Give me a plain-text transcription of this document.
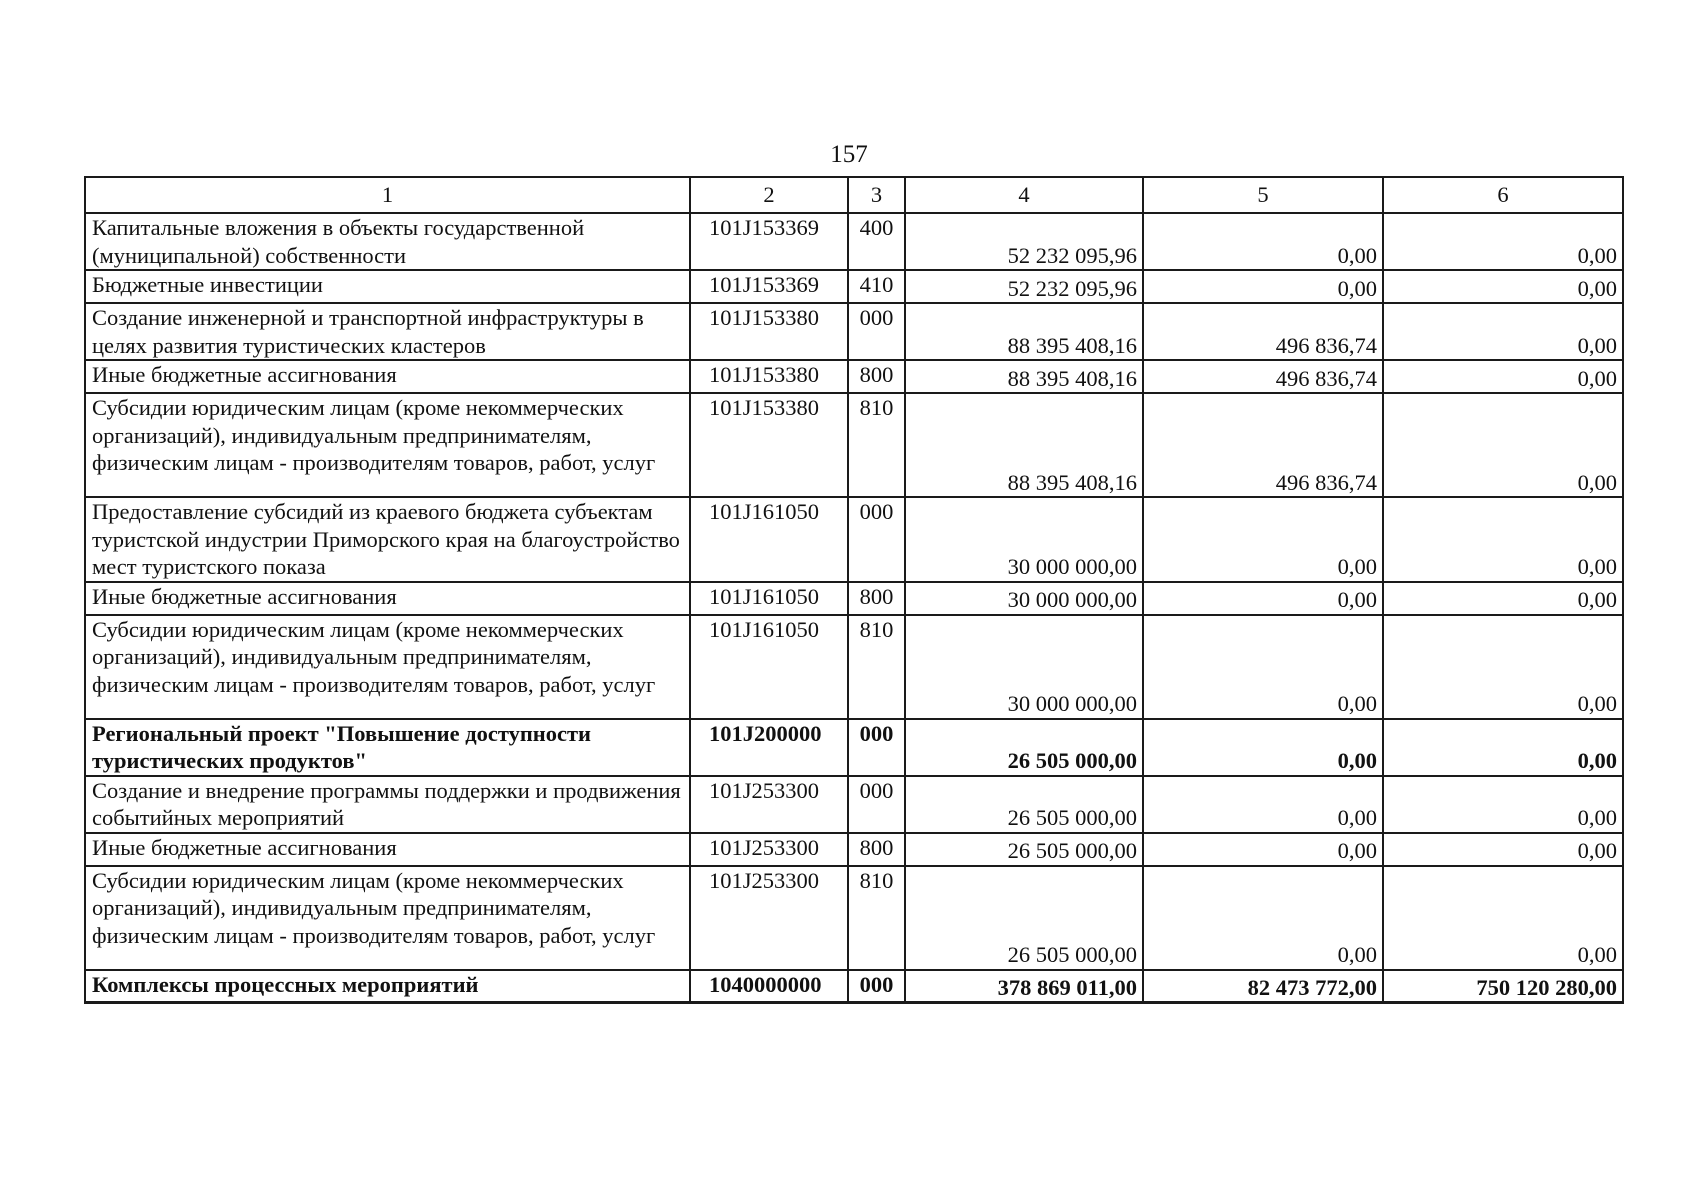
157
1	2	3	4	5	6
Капитальные вложения в объекты государственной (муниципальной) собственности	101J153369	400	52 232 095,96	0,00	0,00
Бюджетные инвестиции	101J153369	410	52 232 095,96	0,00	0,00
Создание инженерной и транспортной инфраструктуры в целях развития туристических кластеров	101J153380	000	88 395 408,16	496 836,74	0,00
Иные бюджетные ассигнования	101J153380	800	88 395 408,16	496 836,74	0,00
Субсидии юридическим лицам (кроме некоммерческих организаций), индивидуальным предпринимателям, физическим лицам - производителям товаров, работ, услуг	101J153380	810	88 395 408,16	496 836,74	0,00
Предоставление субсидий из краевого бюджета субъектам туристской индустрии Приморского края на благоустройство мест туристского показа	101J161050	000	30 000 000,00	0,00	0,00
Иные бюджетные ассигнования	101J161050	800	30 000 000,00	0,00	0,00
Субсидии юридическим лицам (кроме некоммерческих организаций), индивидуальным предпринимателям, физическим лицам - производителям товаров, работ, услуг	101J161050	810	30 000 000,00	0,00	0,00
Региональный проект "Повышение доступности туристических продуктов"	101J200000	000	26 505 000,00	0,00	0,00
Создание и внедрение программы поддержки и продвижения событийных мероприятий	101J253300	000	26 505 000,00	0,00	0,00
Иные бюджетные ассигнования	101J253300	800	26 505 000,00	0,00	0,00
Субсидии юридическим лицам (кроме некоммерческих организаций), индивидуальным предпринимателям, физическим лицам - производителям товаров, работ, услуг	101J253300	810	26 505 000,00	0,00	0,00
Комплексы процессных мероприятий	1040000000	000	378 869 011,00	82 473 772,00	750 120 280,00
